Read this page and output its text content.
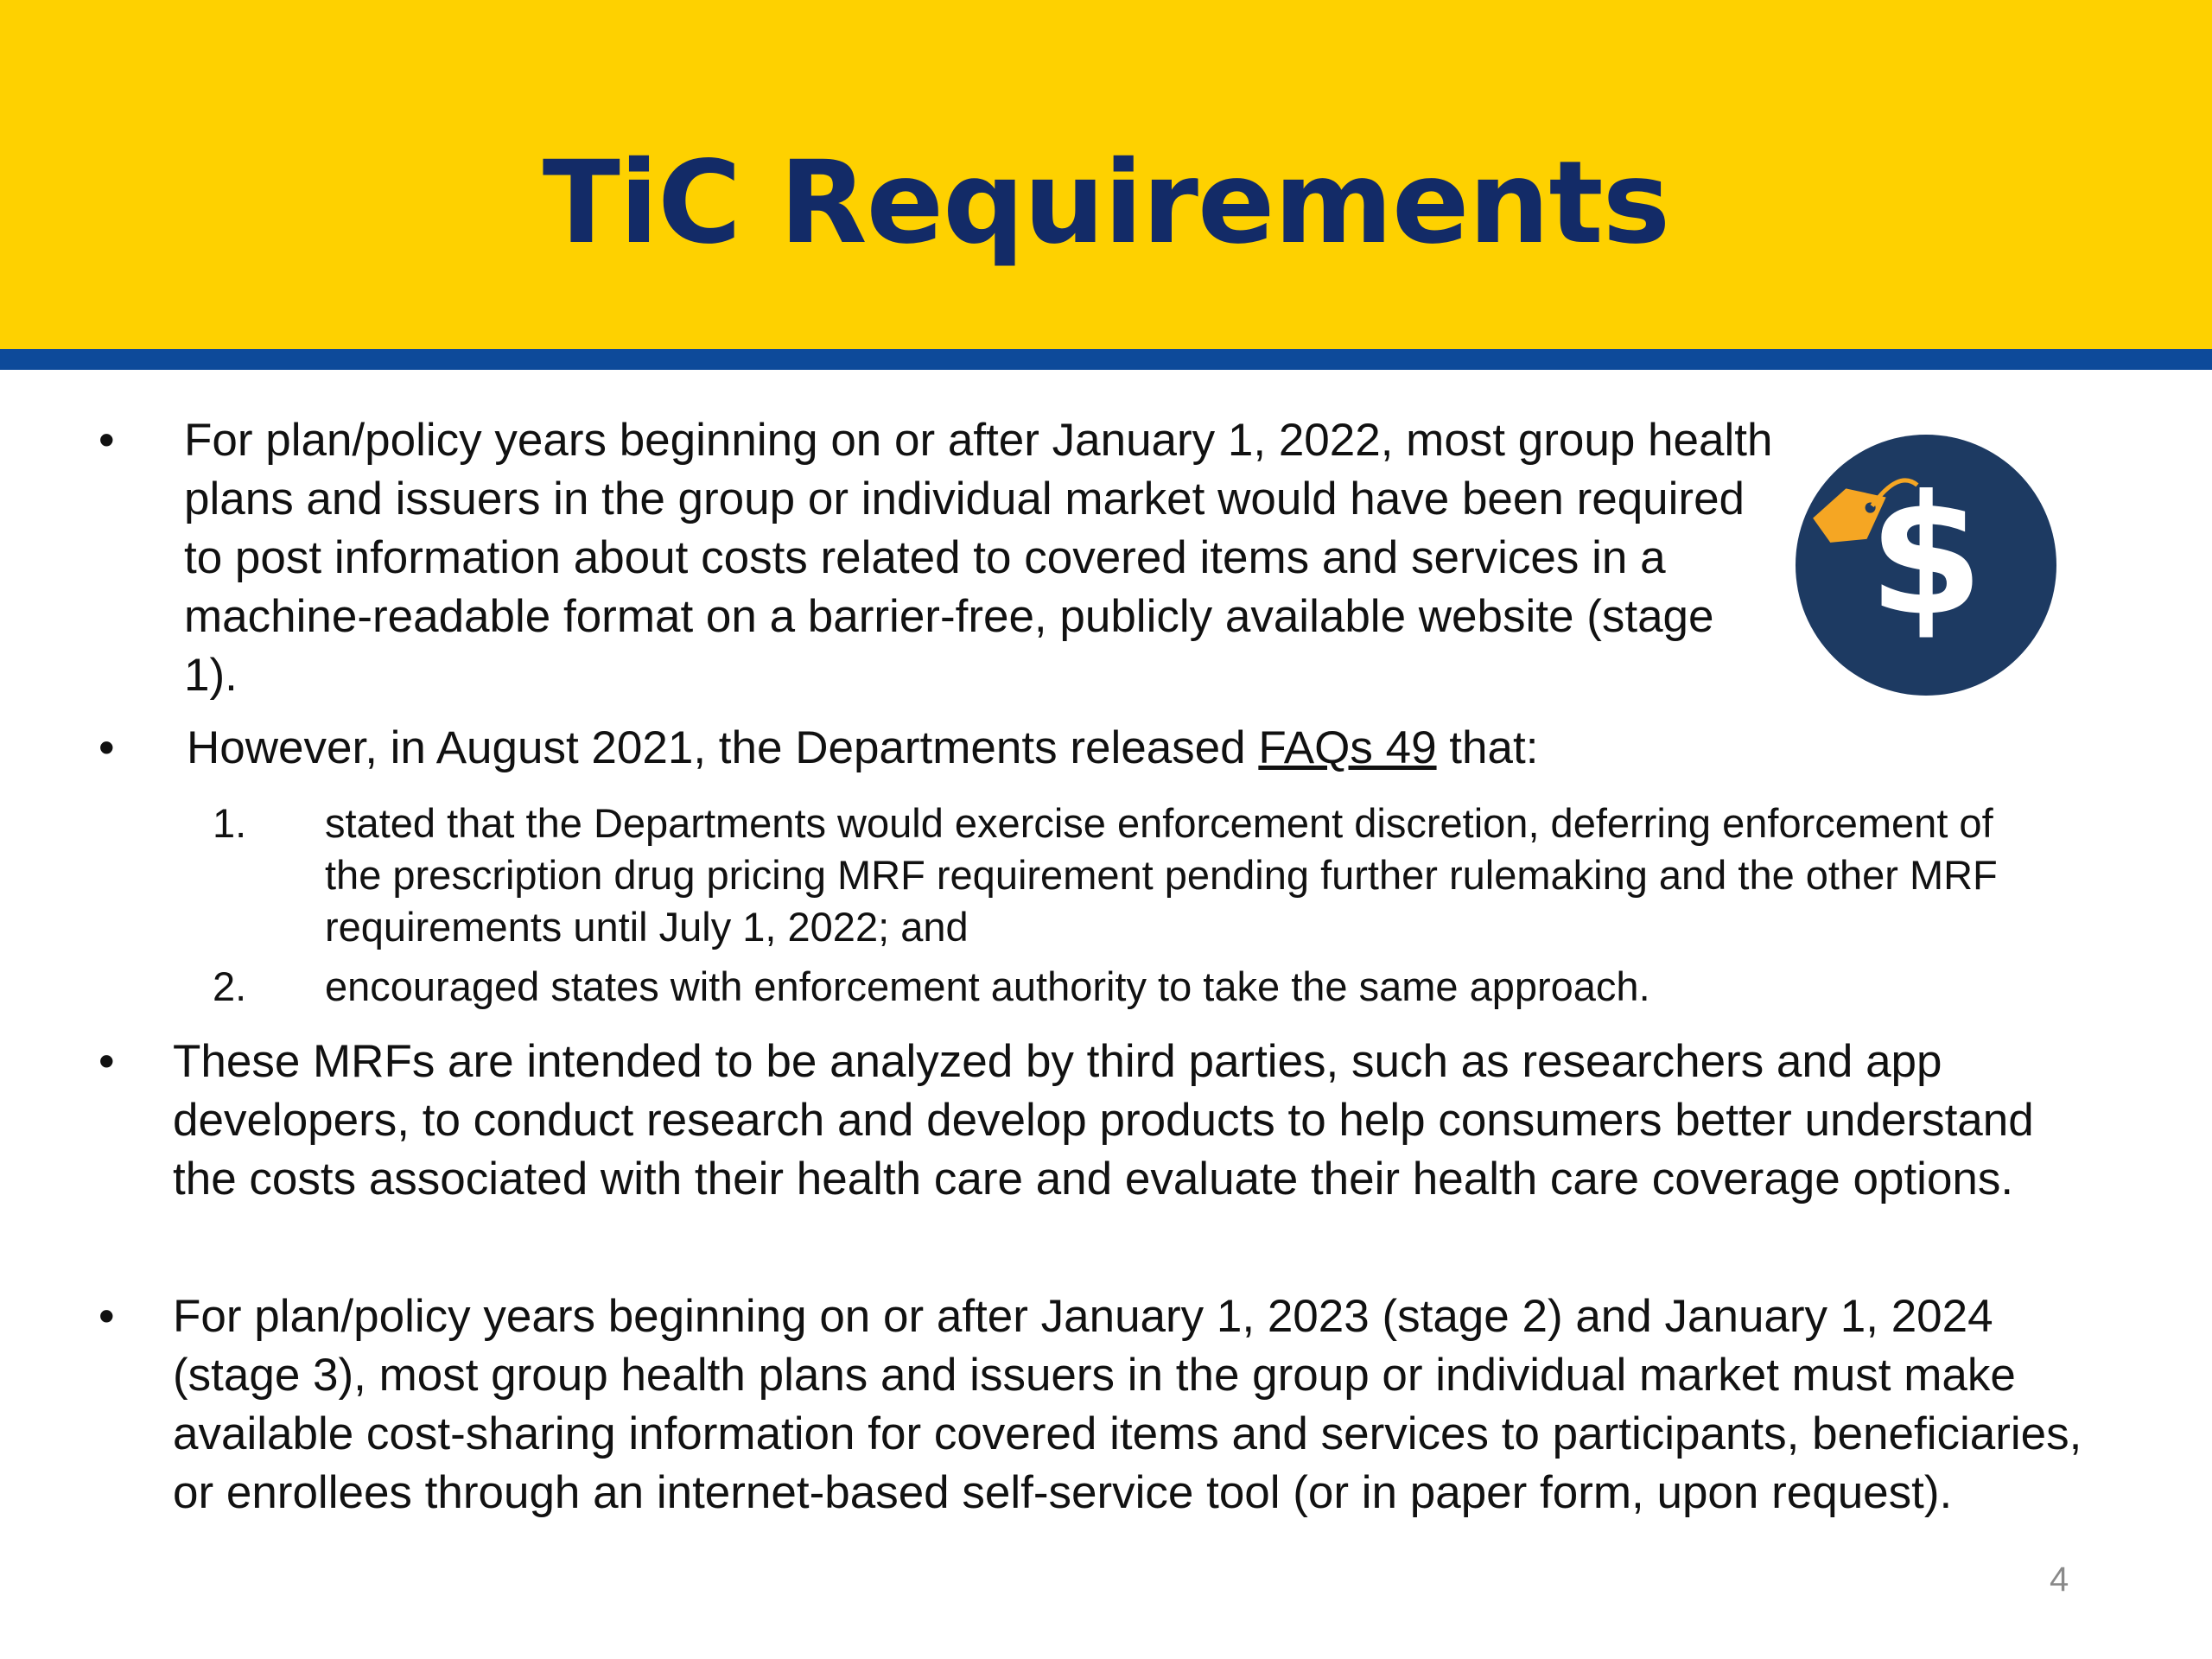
TiC Requirements
• For plan/policy years beginning on or after January 1, 2022, most group health plans and issuers in the group or individual market would have been required to post information about costs related to covered items and services in a machine-readable format on a barrier-free, publicly available website (stage 1).

$
• However, in August 2021, the Departments released FAQs 49 that:

1. stated that the Departments would exercise enforcement discretion, deferring enforcement of the prescription drug pricing MRF requirement pending further rulemaking and the other MRF requirements until July 1, 2022; and

2. encouraged states with enforcement authority to take the same approach.

• These MRFs are intended to be analyzed by third parties, such as researchers and app developers, to conduct research and develop products to help consumers better understand the costs associated with their health care and evaluate their health care coverage options.

• For plan/policy years beginning on or after January 1, 2023 (stage 2) and January 1, 2024 (stage 3), most group health plans and issuers in the group or individual market must make available cost-sharing information for covered items and services to participants, beneficiaries, or enrollees through an internet-based self-service tool (or in paper form, upon request).

4
